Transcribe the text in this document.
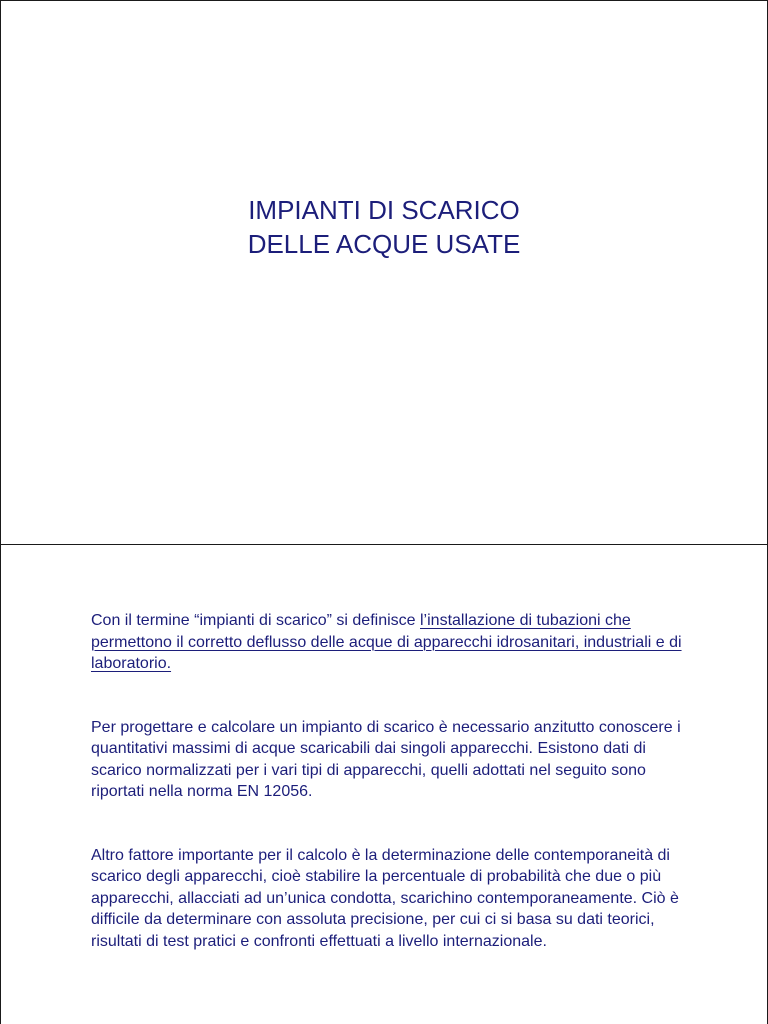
IMPIANTI DI SCARICO
DELLE ACQUE USATE

Con il termine “impianti di scarico” si definisce l’installazione di tubazioni che permettono il corretto deflusso delle acque di apparecchi idrosanitari, industriali e di laboratorio.

Per progettare e calcolare un impianto di scarico è necessario anzitutto conoscere i quantitativi massimi di acque scaricabili dai singoli apparecchi. Esistono dati di scarico normalizzati per i vari tipi di apparecchi, quelli adottati nel seguito sono riportati nella norma EN 12056.

Altro fattore importante per il calcolo è la determinazione delle contemporaneità di scarico degli apparecchi, cioè stabilire la percentuale di probabilità che due o più apparecchi, allacciati ad un’unica condotta, scarichino contemporaneamente. Ciò è difficile da determinare con assoluta precisione, per cui ci si basa su dati teorici, risultati di test pratici e confronti effettuati a livello internazionale.
